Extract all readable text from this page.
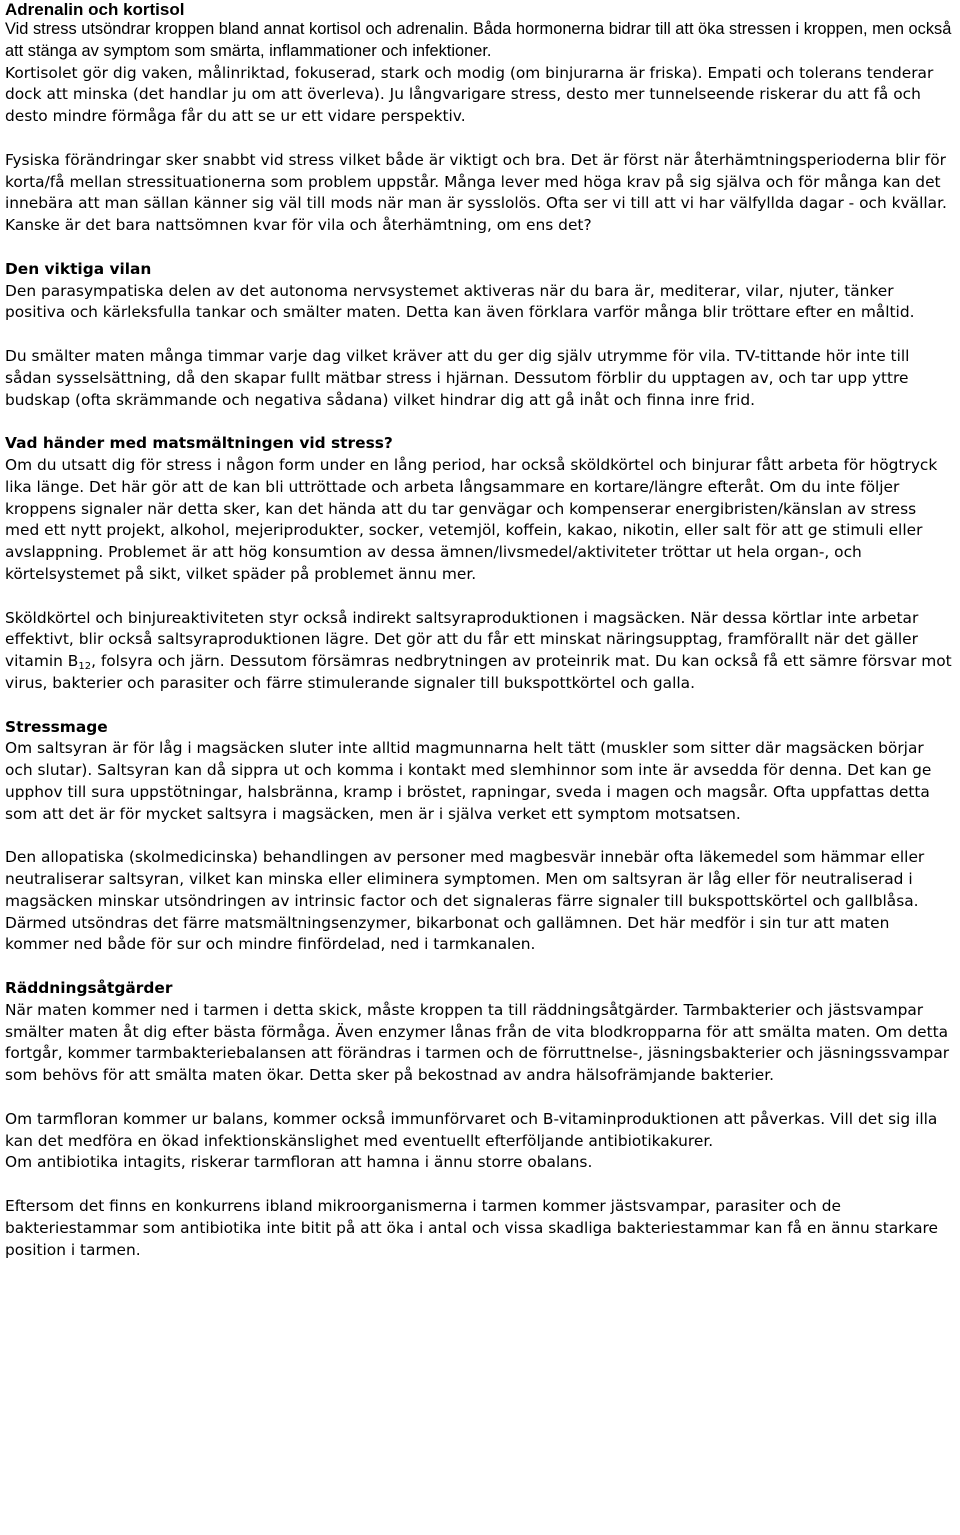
Adrenalin och kortisol
Vid stress utsöndrar kroppen bland annat kortisol och adrenalin. Båda hormonerna bidrar till att öka stressen i kroppen, men också att stänga av symptom som smärta, inflammationer och infektioner.
Kortisolet gör dig vaken, målinriktad, fokuserad, stark och modig (om binjurarna är friska). Empati och tolerans tenderar dock att minska (det handlar ju om att överleva). Ju långvarigare stress, desto mer tunnelseende riskerar du att få och desto mindre förmåga får du att se ur ett vidare perspektiv.
Fysiska förändringar sker snabbt vid stress vilket både är viktigt och bra. Det är först när återhämtningsperioderna blir för korta/få mellan stressituationerna som problem uppstår. Många lever med höga krav på sig själva och för många kan det innebära att man sällan känner sig väl till mods när man är sysslolös. Ofta ser vi till att vi har välfyllda dagar - och kvällar.
Kanske är det bara nattsömnen kvar för vila och återhämtning, om ens det?
Den viktiga vilan
Den parasympatiska delen av det autonoma nervsystemet aktiveras när du bara är, mediterar, vilar, njuter, tänker positiva och kärleksfulla tankar och smälter maten. Detta kan även förklara varför många blir tröttare efter en måltid.
Du smälter maten många timmar varje dag vilket kräver att du ger dig själv utrymme för vila. TV-tittande hör inte till sådan sysselsättning, då den skapar fullt mätbar stress i hjärnan. Dessutom förblir du upptagen av, och tar upp yttre budskap (ofta skrämmande och negativa sådana) vilket hindrar dig att gå inåt och finna inre frid.
Vad händer med matsmältningen vid stress?
Om du utsatt dig för stress i någon form under en lång period, har också sköldkörtel och binjurar fått arbeta för högtryck lika länge. Det här gör att de kan bli uttröttade och arbeta långsammare en kortare/längre efteråt. Om du inte följer kroppens signaler när detta sker, kan det hända att du tar genvägar och kompenserar energibristen/känslan av stress med ett nytt projekt, alkohol, mejeriprodukter, socker, vetemjöl, koffein, kakao, nikotin, eller salt för att ge stimuli eller avslappning. Problemet är att hög konsumtion av dessa ämnen/livsmedel/aktiviteter tröttar ut hela organ-, och körtelsystemet på sikt, vilket späder på problemet ännu mer.
Sköldkörtel och binjureaktiviteten styr också indirekt saltsyraproduktionen i magsäcken. När dessa körtlar inte arbetar effektivt, blir också saltsyraproduktionen lägre. Det gör att du får ett minskat näringsupptag, framförallt när det gäller vitamin $B_{12}$, folsyra och järn. Dessutom försämras nedbrytningen av proteinrik mat. Du kan också få ett sämre försvar mot virus, bakterier och parasiter och färre stimulerande signaler till bukspottkörtel och galla.
Stressmage
Om saltsyran är för låg i magsäcken sluter inte alltid magmunnarna helt tätt (muskler som sitter där magsäcken börjar och slutar). Saltsyran kan då sippra ut och komma i kontakt med slemhinnor som inte är avsedda för denna. Det kan ge upphov till sura uppstötningar, halsbränna, kramp i bröstet, rapningar, sveda i magen och magsår. Ofta uppfattas detta som att det är för mycket saltsyra i magsäcken, men är i själva verket ett symptom motsatsen.
Den allopatiska (skolmedicinska) behandlingen av personer med magbesvär innebär ofta läkemedel som hämmar eller neutraliserar saltsyran, vilket kan minska eller eliminera symptomen. Men om saltsyran är låg eller för neutraliserad i magsäcken minskar utsöndringen av intrinsic factor och det signaleras färre signaler till bukspottskörtel och gallblåsa. Därmed utsöndras det färre matsmältningsenzymer, bikarbonat och gallämnen. Det här medför i sin tur att maten kommer ned både för sur och mindre finfördelad, ned i tarmkanalen.
Räddningsåtgärder
När maten kommer ned i tarmen i detta skick, måste kroppen ta till räddningsåtgärder. Tarmbakterier och jästsvampar smälter maten åt dig efter bästa förmåga. Även enzymer lånas från de vita blodkropparna för att smälta maten. Om detta fortgår, kommer tarmbakteriebalansen att förändras i tarmen och de förruttnelse-, jäsningsbakterier och jäsningssvampar som behövs för att smälta maten ökar. Detta sker på bekostnad av andra hälsofrämjande bakterier.
Om tarmfloran kommer ur balans, kommer också immunförvaret och B-vitaminproduktionen att påverkas. Vill det sig illa kan det medföra en ökad infektionskänslighet med eventuellt efterföljande antibiotikakurer.
Om antibiotika intagits, riskerar tarmfloran att hamna i ännu storre obalans.
Eftersom det finns en konkurrens ibland mikroorganismerna i tarmen kommer jästsvampar, parasiter och de bakteriestammar som antibiotika inte bitit på att öka i antal och vissa skadliga bakteriestammar kan få en ännu starkare position i tarmen.
